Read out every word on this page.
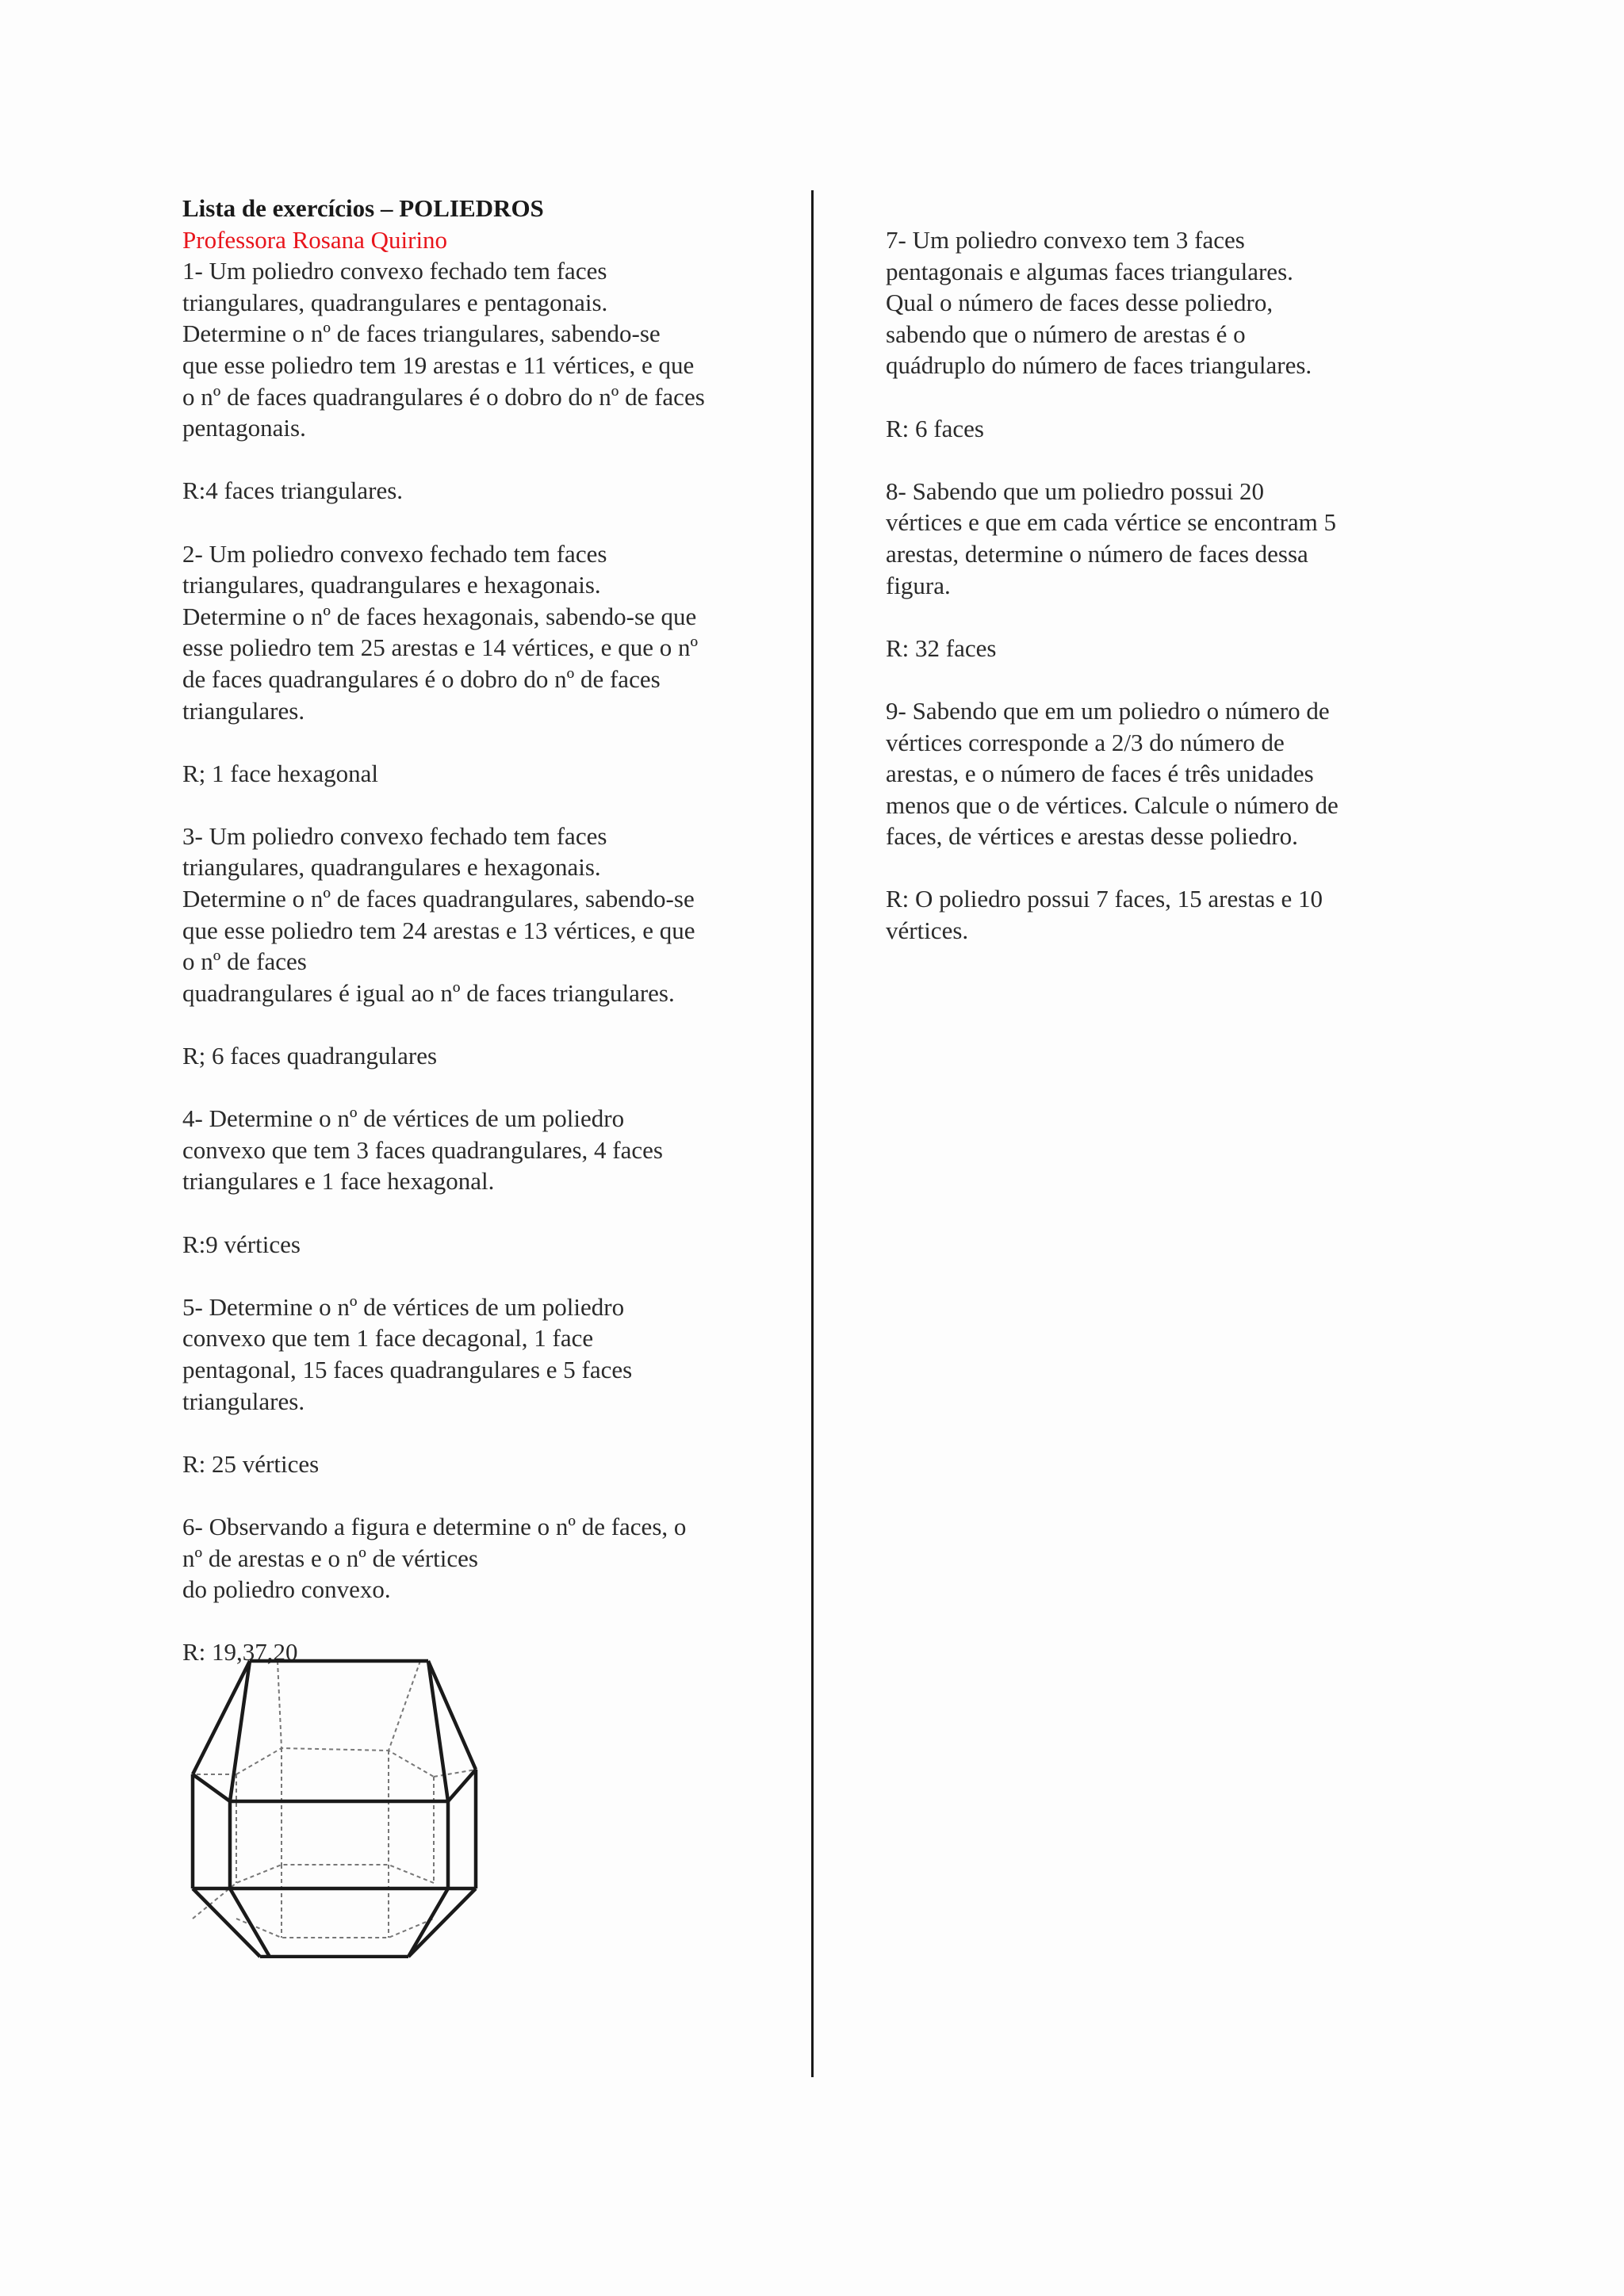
Lista de exercícios – POLIEDROS

Professora Rosana Quirino

1- Um poliedro convexo fechado tem faces
triangulares, quadrangulares e pentagonais.
Determine o nº de faces triangulares, sabendo-se
que esse poliedro tem 19 arestas e 11 vértices, e que
o nº de faces quadrangulares é o dobro do nº de faces
pentagonais.

R:4 faces triangulares.

2- Um poliedro convexo fechado tem faces
triangulares, quadrangulares e hexagonais.
Determine o nº de faces hexagonais, sabendo-se que
esse poliedro tem 25 arestas e 14 vértices, e que o nº
de faces quadrangulares é o dobro do nº de faces
triangulares.

R; 1 face hexagonal

3- Um poliedro convexo fechado tem faces
triangulares, quadrangulares e hexagonais.
Determine o nº de faces quadrangulares, sabendo-se
que esse poliedro tem 24 arestas e 13 vértices, e que
o nº de faces
quadrangulares é igual ao nº de faces triangulares.

R; 6 faces quadrangulares

4- Determine o nº de vértices de um poliedro
convexo que tem 3 faces quadrangulares, 4 faces
triangulares e 1 face hexagonal.

R:9 vértices

5- Determine o nº de vértices de um poliedro
convexo que tem 1 face decagonal, 1 face
pentagonal, 15 faces quadrangulares e 5 faces
triangulares.

R: 25 vértices

6- Observando a figura e determine o nº de faces, o
nº de arestas e o nº de vértices
do poliedro convexo.

R: 19,37,20

7- Um poliedro convexo tem 3 faces
pentagonais e algumas faces triangulares.
Qual o número de faces desse poliedro,
sabendo que o número de arestas é o
quádruplo do número de faces triangulares.

R: 6 faces

8- Sabendo que um poliedro possui 20
vértices e que em cada vértice se encontram 5
arestas, determine o número de faces dessa
figura.

R: 32 faces

9- Sabendo que em um poliedro o número de
vértices corresponde a 2/3 do número de
arestas, e o número de faces é três unidades
menos que o de vértices. Calcule o número de
faces, de vértices e arestas desse poliedro.

R: O poliedro possui 7 faces, 15 arestas e 10
vértices.
